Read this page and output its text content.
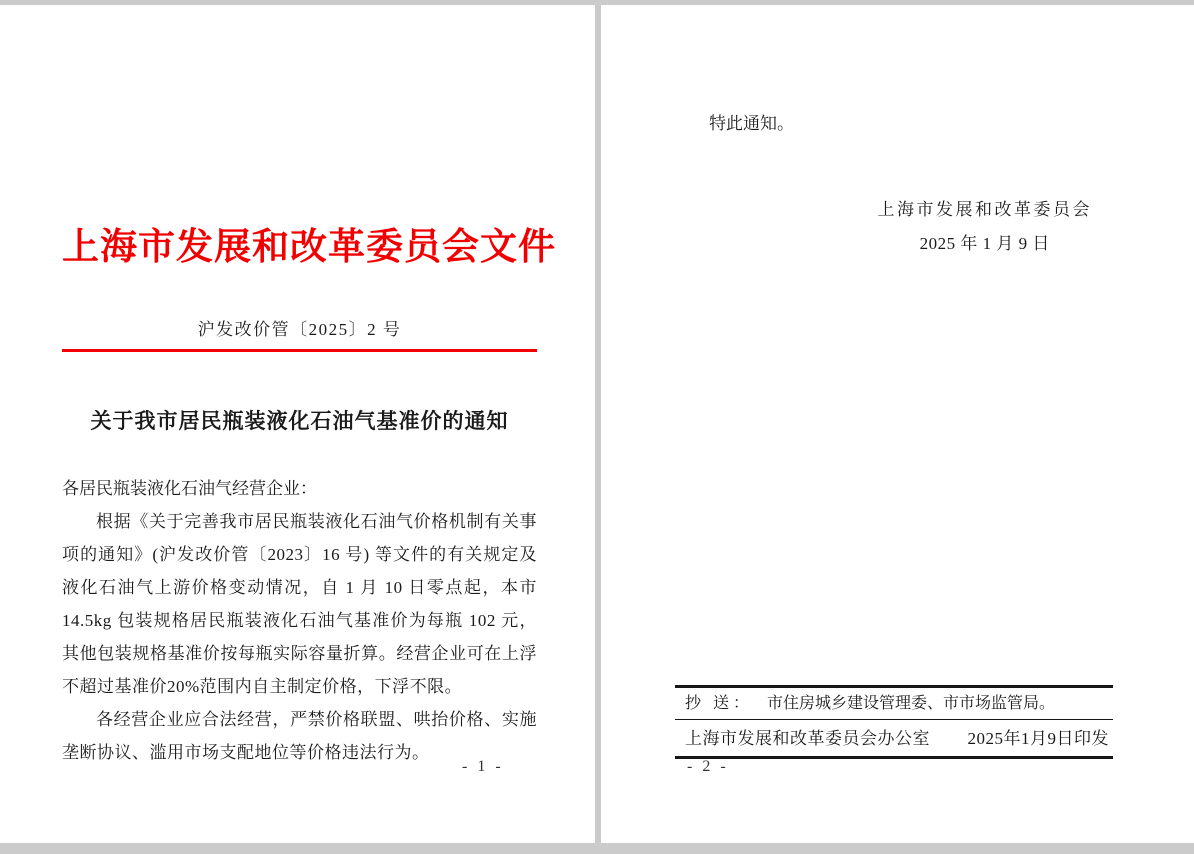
上海市发展和改革委员会文件
沪发改价管〔2025〕2 号
关于我市居民瓶装液化石油气基准价的通知
各居民瓶装液化石油气经营企业：

根据《关于完善我市居民瓶装液化石油气价格机制有关事项的通知》(沪发改价管〔2023〕16 号) 等文件的有关规定及液化石油气上游价格变动情况，自 1 月 10 日零点起，本市 14.5kg 包装规格居民瓶装液化石油气基准价为每瓶 102 元，其他包装规格基准价按每瓶实际容量折算。经营企业可在上浮不超过基准价20%范围内自主制定价格，下浮不限。

各经营企业应合法经营，严禁价格联盟、哄抬价格、实施垄断协议、滥用市场支配地位等价格违法行为。

- 1 -
特此通知。
上海市发展和改革委员会
2025 年 1 月 9 日
抄 送： 市住房城乡建设管理委、市市场监管局。
上海市发展和改革委员会办公室 2025年1月9日印发
- 2 -
